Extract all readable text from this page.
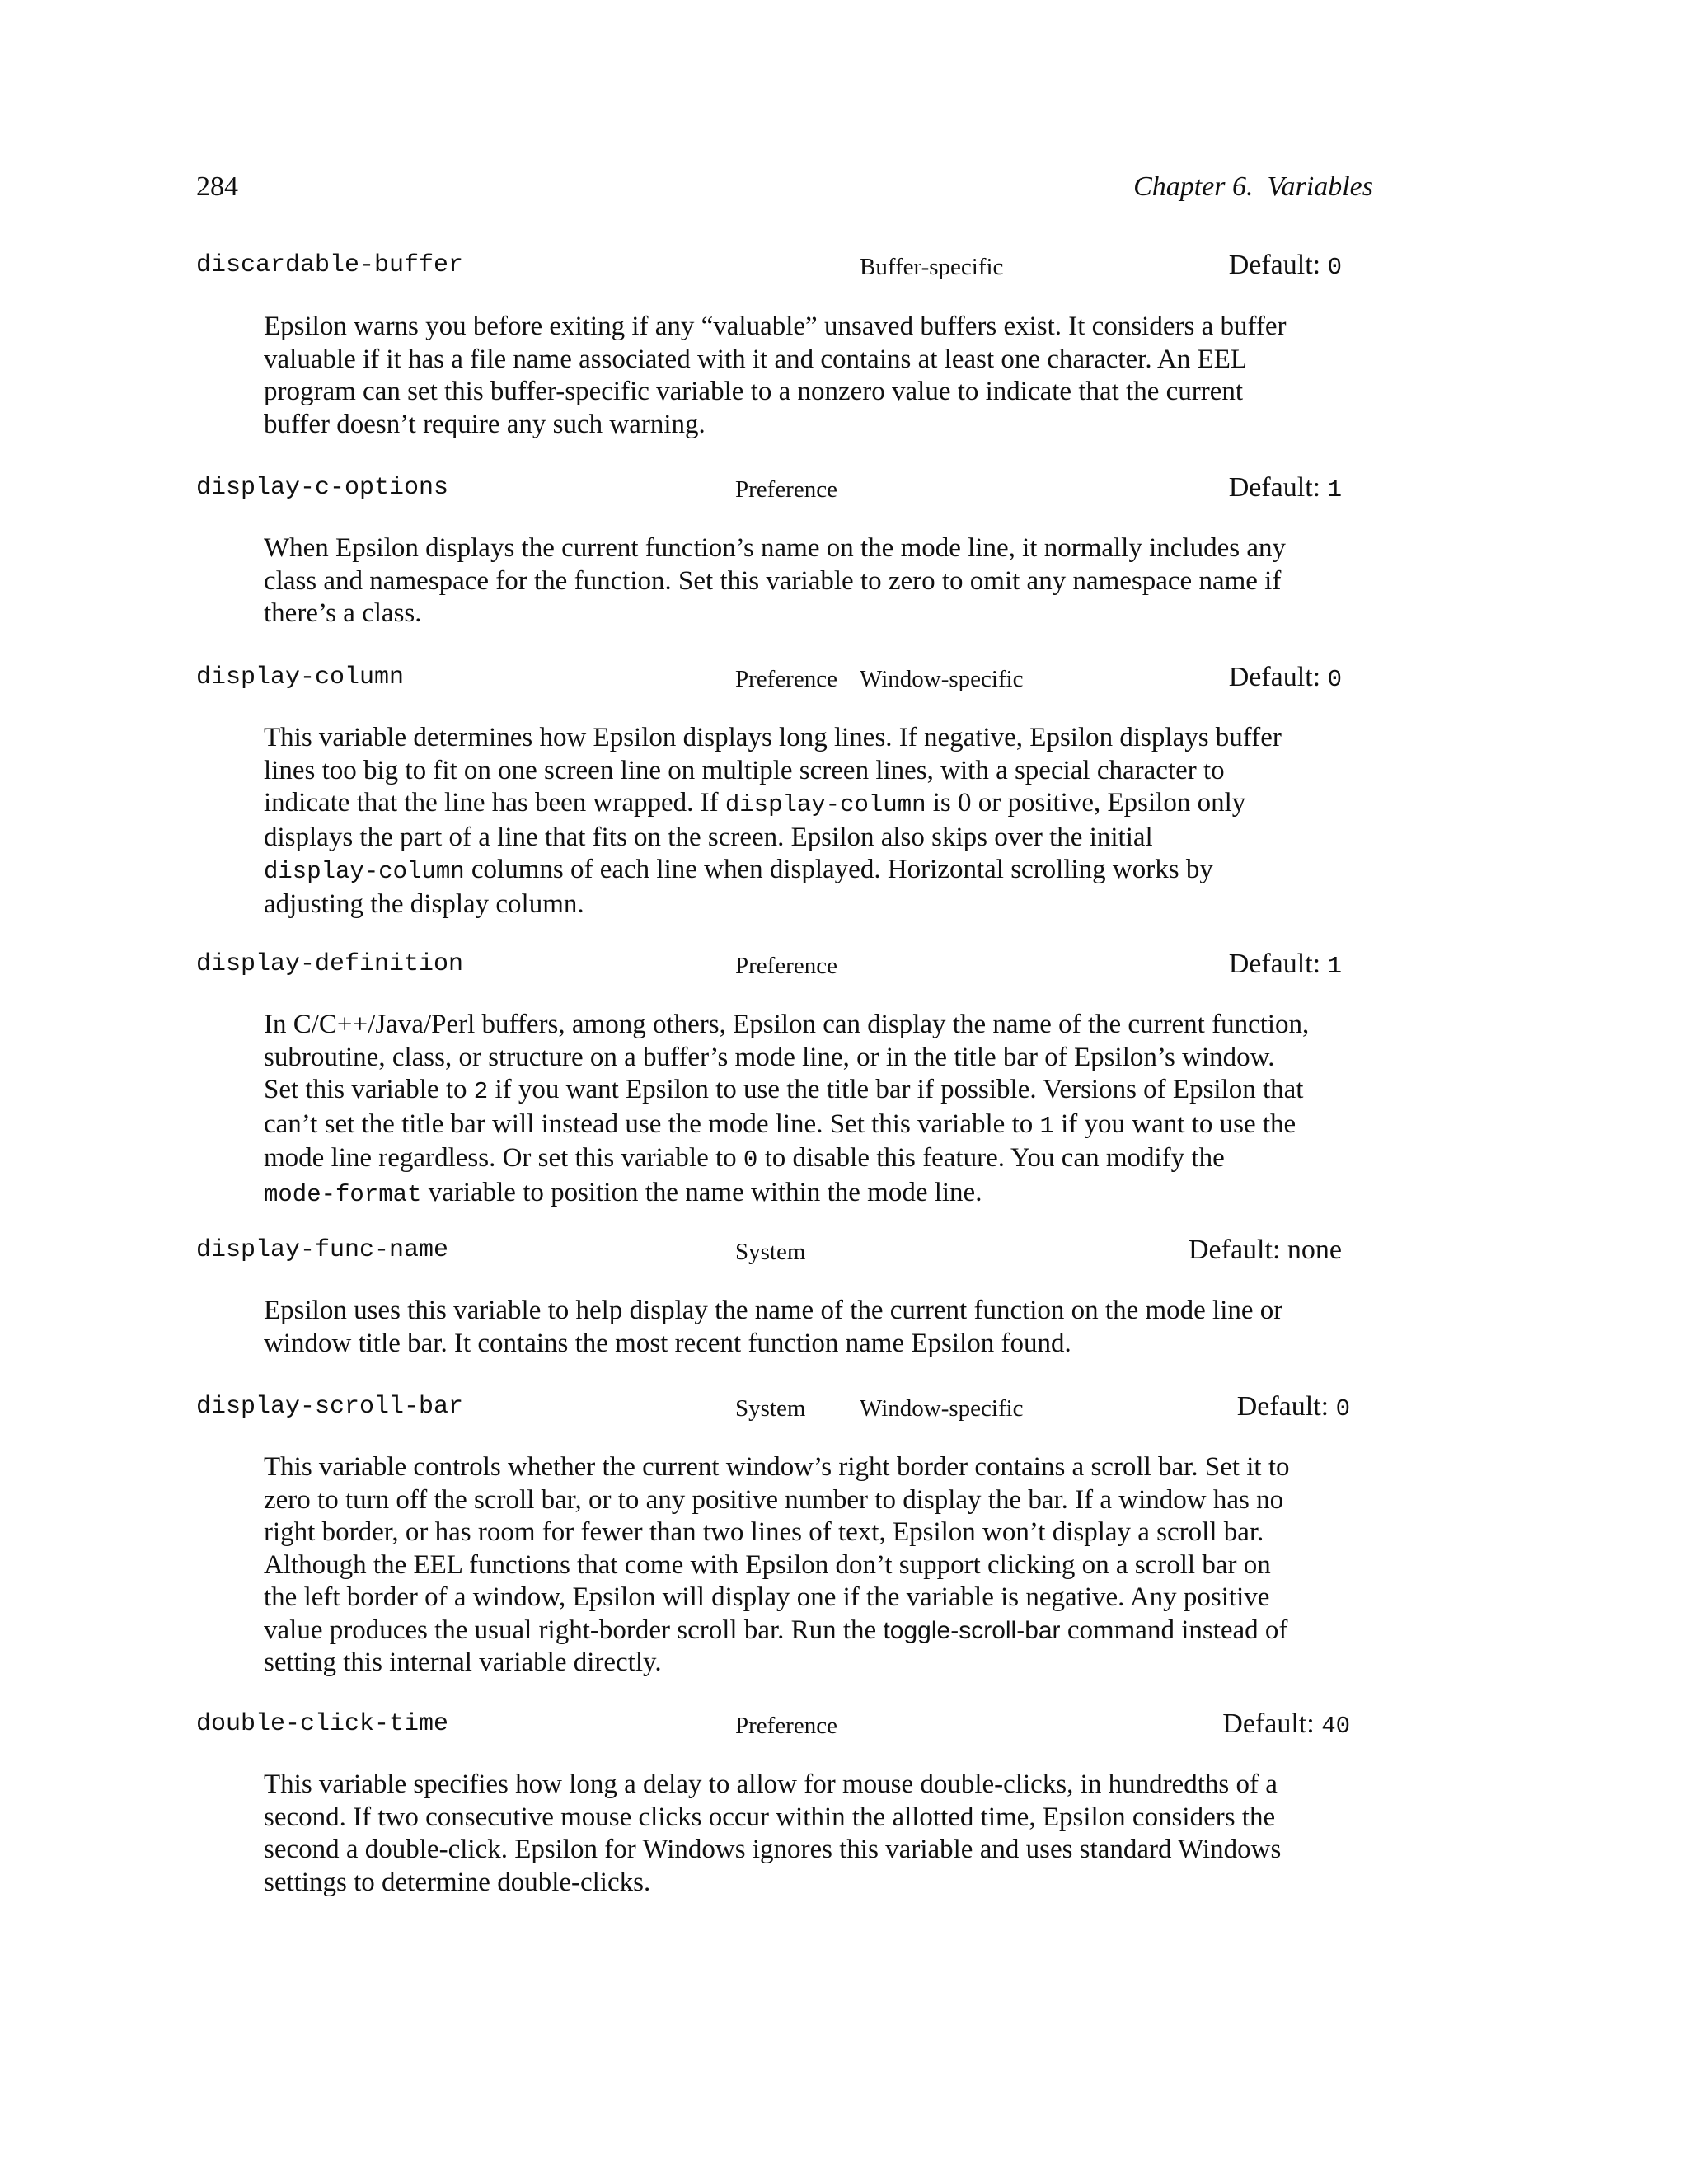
284	Chapter 6.  Variables
discardable-buffer	Buffer-specific	Default: 0
Epsilon warns you before exiting if any “valuable” unsaved buffers exist. It considers a buffer
valuable if it has a file name associated with it and contains at least one character. An EEL
program can set this buffer-specific variable to a nonzero value to indicate that the current
buffer doesn’t require any such warning.
display-c-options	Preference	Default: 1
When Epsilon displays the current function’s name on the mode line, it normally includes any
class and namespace for the function. Set this variable to zero to omit any namespace name if
there’s a class.
display-column	Preference Window-specific	Default: 0
This variable determines how Epsilon displays long lines. If negative, Epsilon displays buffer
lines too big to fit on one screen line on multiple screen lines, with a special character to
indicate that the line has been wrapped. If display-column is 0 or positive, Epsilon only
displays the part of a line that fits on the screen. Epsilon also skips over the initial
display-column columns of each line when displayed. Horizontal scrolling works by
adjusting the display column.
display-definition	Preference	Default: 1
In C/C++/Java/Perl buffers, among others, Epsilon can display the name of the current function,
subroutine, class, or structure on a buffer’s mode line, or in the title bar of Epsilon’s window.
Set this variable to 2 if you want Epsilon to use the title bar if possible. Versions of Epsilon that
can’t set the title bar will instead use the mode line. Set this variable to 1 if you want to use the
mode line regardless. Or set this variable to 0 to disable this feature. You can modify the
mode-format variable to position the name within the mode line.
display-func-name	System	Default: none
Epsilon uses this variable to help display the name of the current function on the mode line or
window title bar. It contains the most recent function name Epsilon found.
display-scroll-bar	System Window-specific	Default: 0
This variable controls whether the current window’s right border contains a scroll bar. Set it to
zero to turn off the scroll bar, or to any positive number to display the bar. If a window has no
right border, or has room for fewer than two lines of text, Epsilon won’t display a scroll bar.
Although the EEL functions that come with Epsilon don’t support clicking on a scroll bar on
the left border of a window, Epsilon will display one if the variable is negative. Any positive
value produces the usual right-border scroll bar. Run the toggle-scroll-bar command instead of
setting this internal variable directly.
double-click-time	Preference	Default: 40
This variable specifies how long a delay to allow for mouse double-clicks, in hundredths of a
second. If two consecutive mouse clicks occur within the allotted time, Epsilon considers the
second a double-click. Epsilon for Windows ignores this variable and uses standard Windows
settings to determine double-clicks.
